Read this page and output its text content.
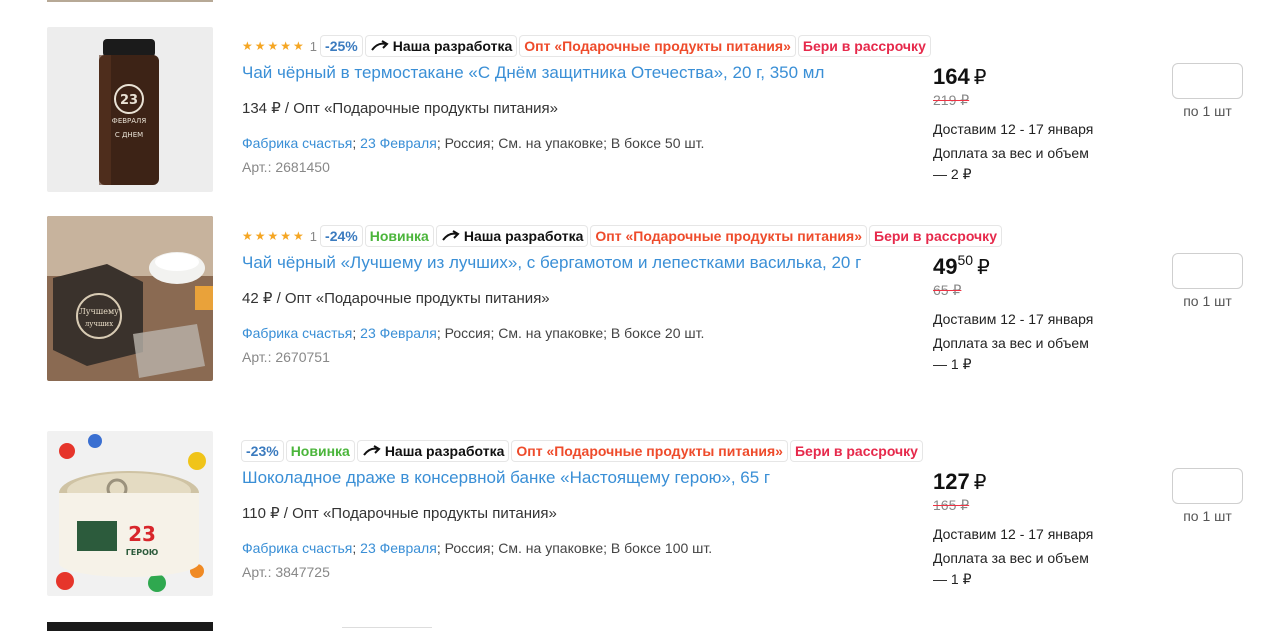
23
ФЕВРАЛЯ
С ДНЕМ
★★★★★ 1 -25%	Наша разработка Опт «Подарочные продукты питания» Бери в рассрочку
Чай чёрный в термостакане «С Днём защитника Отечества», 20 г, 350 мл
134 ₽ / Опт «Подарочные продукты питания»
Фабрика счастья; 23 Февраля; Россия; См. на упаковке; В боксе 50 шт.
Арт.: 2681450
164 ₽
219 ₽
Доставим 12 - 17 января
Доплата за вес и объем — 2 ₽
по 1 шт
Лучшему
лучших
★★★★★ 1 -24% Новинка	Наша разработка Опт «Подарочные продукты питания» Бери в рассрочку
Чай чёрный «Лучшему из лучших», с бергамотом и лепестками василька, 20 г
42 ₽ / Опт «Подарочные продукты питания»
Фабрика счастья; 23 Февраля; Россия; См. на упаковке; В боксе 20 шт.
Арт.: 2670751
$49^{50}$ ₽
65 ₽
Доставим 12 - 17 января
Доплата за вес и объем — 1 ₽
по 1 шт
23
ГЕРОЮ
-23% Новинка	Наша разработка Опт «Подарочные продукты питания» Бери в рассрочку
Шоколадное драже в консервной банке «Настоящему герою», 65 г
110 ₽ / Опт «Подарочные продукты питания»
Фабрика счастья; 23 Февраля; Россия; См. на упаковке; В боксе 100 шт.
Арт.: 3847725
127 ₽
165 ₽
Доставим 12 - 17 января
Доплата за вес и объем — 1 ₽
по 1 шт
